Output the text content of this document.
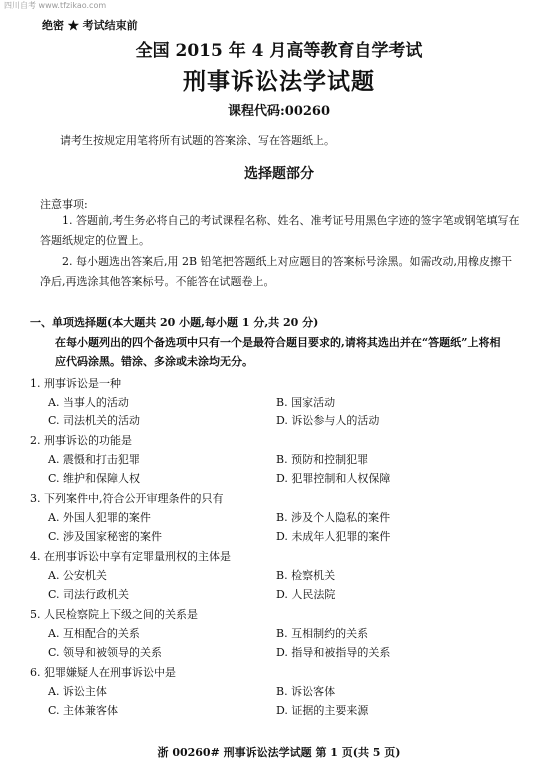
四川自考 www.tfzikao.com
绝密 ★ 考试结束前
全国 2015 年 4 月高等教育自学考试
刑事诉讼法学试题
课程代码:00260
请考生按规定用笔将所有试题的答案涂、写在答题纸上。
选择题部分
注意事项:
1. 答题前,考生务必将自己的考试课程名称、姓名、准考证号用黑色字迹的签字笔或钢笔填写在答题纸规定的位置上。
2. 每小题选出答案后,用 2B 铅笔把答题纸上对应题目的答案标号涂黑。如需改动,用橡皮擦干净后,再选涂其他答案标号。不能答在试题卷上。
一、单项选择题(本大题共 20 小题,每小题 1 分,共 20 分)
在每小题列出的四个备选项中只有一个是最符合题目要求的,请将其选出并在“答题纸”上将相应代码涂黑。错涂、多涂或未涂均无分。
1. 刑事诉讼是一种
A. 当事人的活动	B. 国家活动
C. 司法机关的活动	D. 诉讼参与人的活动
2. 刑事诉讼的功能是
A. 震慑和打击犯罪	B. 预防和控制犯罪
C. 维护和保障人权	D. 犯罪控制和人权保障
3. 下列案件中,符合公开审理条件的只有
A. 外国人犯罪的案件	B. 涉及个人隐私的案件
C. 涉及国家秘密的案件	D. 未成年人犯罪的案件
4. 在刑事诉讼中享有定罪量刑权的主体是
A. 公安机关	B. 检察机关
C. 司法行政机关	D. 人民法院
5. 人民检察院上下级之间的关系是
A. 互相配合的关系	B. 互相制约的关系
C. 领导和被领导的关系	D. 指导和被指导的关系
6. 犯罪嫌疑人在刑事诉讼中是
A. 诉讼主体	B. 诉讼客体
C. 主体兼客体	D. 证据的主要来源
浙 00260# 刑事诉讼法学试题 第 1 页(共 5 页)
